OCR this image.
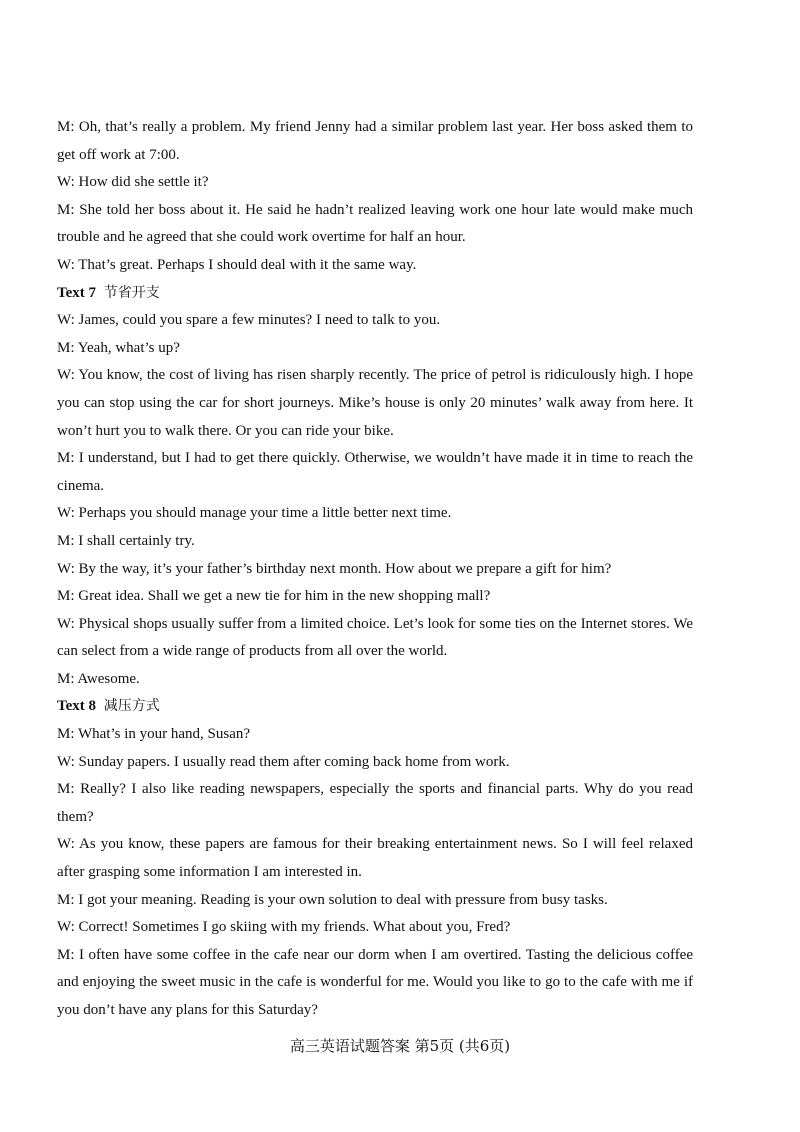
M: Oh, that’s really a problem. My friend Jenny had a similar problem last year. Her boss asked them to get off work at 7:00.
W: How did she settle it?
M: She told her boss about it. He said he hadn’t realized leaving work one hour late would make much trouble and he agreed that she could work overtime for half an hour.
W: That’s great. Perhaps I should deal with it the same way.
Text 7 节省开支
W: James, could you spare a few minutes? I need to talk to you.
M: Yeah, what’s up?
W: You know, the cost of living has risen sharply recently. The price of petrol is ridiculously high. I hope you can stop using the car for short journeys. Mike’s house is only 20 minutes’ walk away from here. It won’t hurt you to walk there. Or you can ride your bike.
M: I understand, but I had to get there quickly. Otherwise, we wouldn’t have made it in time to reach the cinema.
W: Perhaps you should manage your time a little better next time.
M: I shall certainly try.
W: By the way, it’s your father’s birthday next month. How about we prepare a gift for him?
M: Great idea. Shall we get a new tie for him in the new shopping mall?
W: Physical shops usually suffer from a limited choice. Let’s look for some ties on the Internet stores. We can select from a wide range of products from all over the world.
M: Awesome.
Text 8 减压方式
M: What’s in your hand, Susan?
W: Sunday papers. I usually read them after coming back home from work.
M: Really? I also like reading newspapers, especially the sports and financial parts. Why do you read them?
W: As you know, these papers are famous for their breaking entertainment news. So I will feel relaxed after grasping some information I am interested in.
M: I got your meaning. Reading is your own solution to deal with pressure from busy tasks.
W: Correct! Sometimes I go skiing with my friends. What about you, Fred?
M: I often have some coffee in the cafe near our dorm when I am overtired. Tasting the delicious coffee and enjoying the sweet music in the cafe is wonderful for me. Would you like to go to the cafe with me if you don’t have any plans for this Saturday?
高三英语试题答案 第5页 (共6页)
